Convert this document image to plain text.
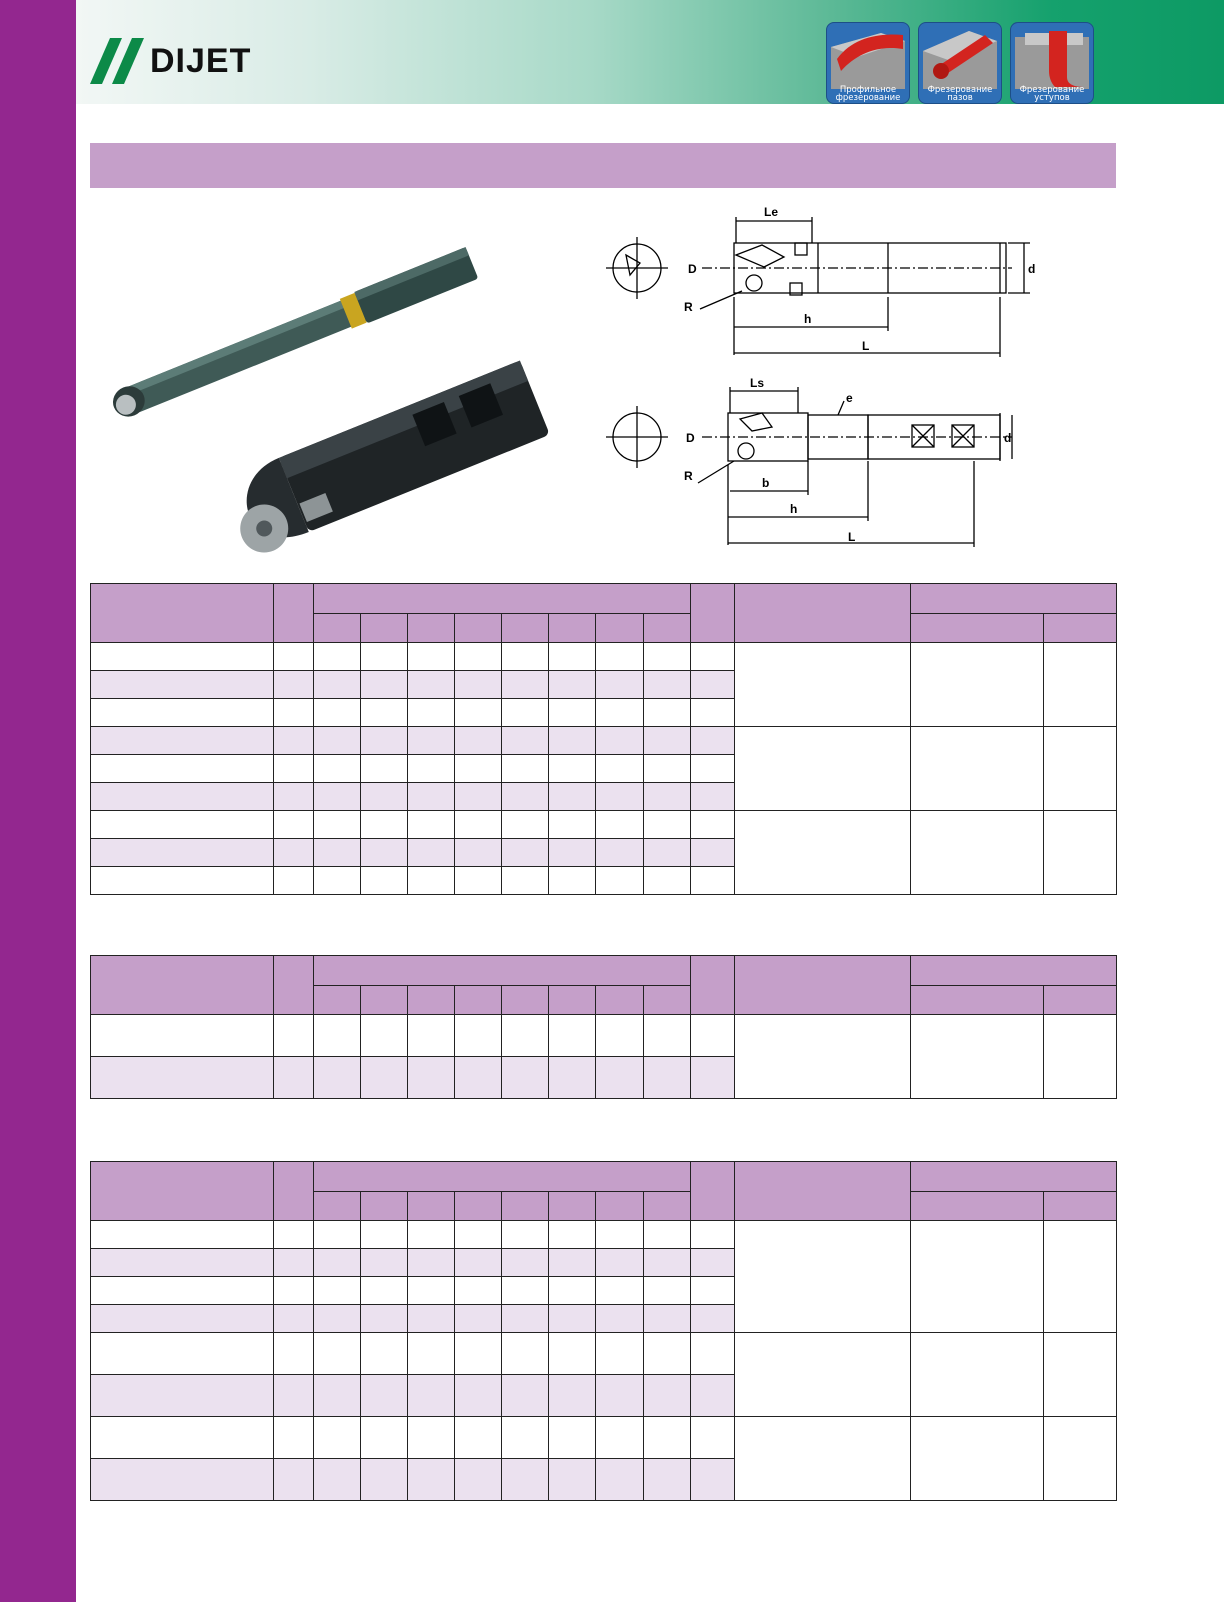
DIJET
Профильное
фрезерование
Фрезерование
пазов
Фрезерование
уступов
Le
D	d
R
h
L
Ls
e
D	d
R	b
h
L
